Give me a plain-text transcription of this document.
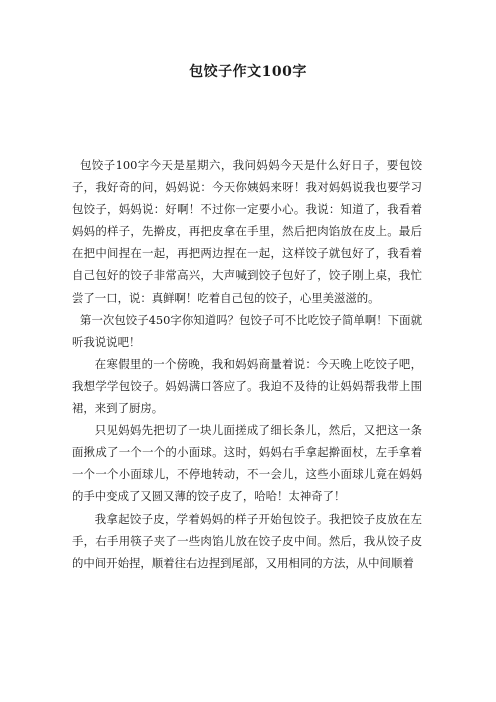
包饺子作文100字

包饺子100字今天是星期六，我问妈妈今天是什么好日子，要包饺子，我好奇的问，妈妈说：今天你姨妈来呀！我对妈妈说我也要学习包饺子，妈妈说：好啊！不过你一定要小心。我说：知道了，我看着妈妈的样子，先擀皮，再把皮拿在手里，然后把肉馅放在皮上。最后在把中间捏在一起，再把两边捏在一起，这样饺子就包好了，我看着自己包好的饺子非常高兴，大声喊到饺子包好了，饺子刚上桌，我忙尝了一口，说：真鲜啊！吃着自己包的饺子，心里美滋滋的。

第一次包饺子450字你知道吗？包饺子可不比吃饺子简单啊！下面就听我说说吧！

在寒假里的一个傍晚，我和妈妈商量着说：今天晚上吃饺子吧，我想学学包饺子。妈妈满口答应了。我迫不及待的让妈妈帮我带上围裙，来到了厨房。

只见妈妈先把切了一块儿面搓成了细长条儿，然后，又把这一条面揪成了一个一个的小面球。这时，妈妈右手拿起擀面杖，左手拿着一个一个小面球儿，不停地转动，不一会儿，这些小面球儿竟在妈妈的手中变成了又圆又薄的饺子皮了，哈哈！太神奇了！

我拿起饺子皮，学着妈妈的样子开始包饺子。我把饺子皮放在左手，右手用筷子夹了一些肉馅儿放在饺子皮中间。然后，我从饺子皮的中间开始捏，顺着往右边捏到尾部，又用相同的方法，从中间顺着
